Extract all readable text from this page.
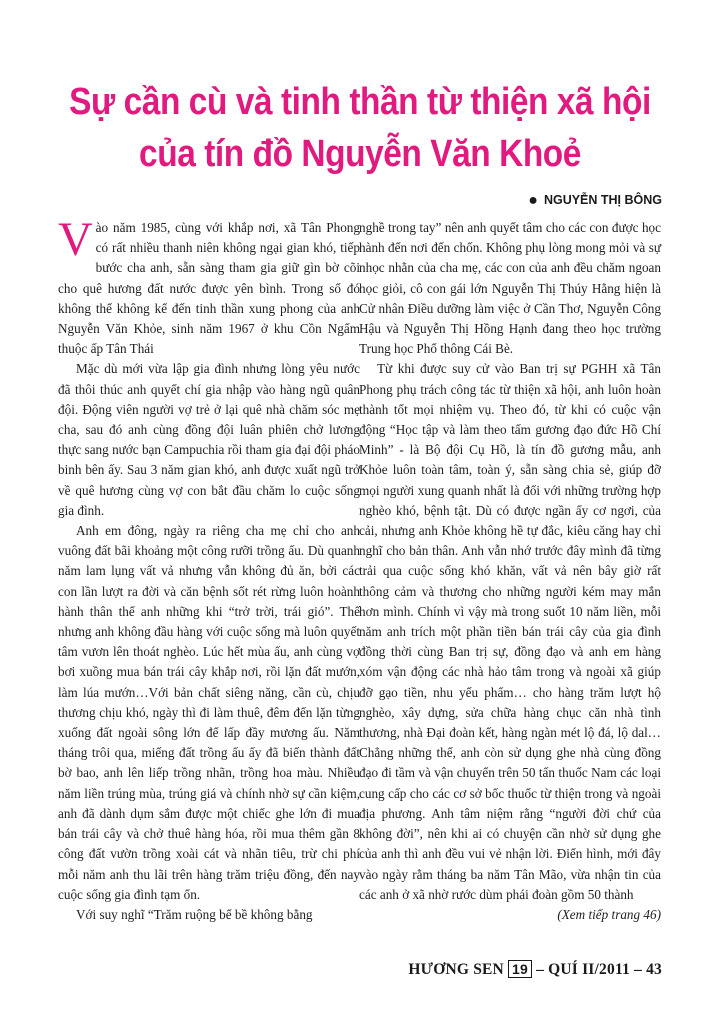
Sự cần cù và tinh thần từ thiện xã hội
của tín đồ Nguyễn Văn Khoẻ
● NGUYỄN THỊ BÔNG

Vào năm 1985, cùng với khắp nơi, xã Tân Phong có rất nhiều thanh niên không ngại gian khó, tiếp bước cha anh, sẵn sàng tham gia giữ gìn bờ cõi cho quê hương đất nước được yên bình. Trong số đó không thể không kể đến tinh thần xung phong của anh Nguyễn Văn Khỏe, sinh năm 1967 ở khu Cồn Ngẩm thuộc ấp Tân Thái

Mặc dù mới vừa lập gia đình nhưng lòng yêu nước đã thôi thúc anh quyết chí gia nhập vào hàng ngũ quân đội. Động viên người vợ trẻ ở lại quê nhà chăm sóc mẹ cha, sau đó anh cùng đồng đội luân phiên chở lương thực sang nước bạn Campuchia rồi tham gia đại đội pháo binh bên ấy. Sau 3 năm gian khó, anh được xuất ngũ trở về quê hương cùng vợ con bắt đầu chăm lo cuộc sống gia đình.

Anh em đông, ngày ra riêng cha mẹ chỉ cho anh vuông đất bãi khoảng một công rưỡi trồng ấu. Dù quanh năm lam lụng vất vả nhưng vẫn không đủ ăn, bởi các con lần lượt ra đời và căn bệnh sốt rét rừng luôn hoành hành thân thể anh những khi “trở trời, trái gió”. Thế nhưng anh không đầu hàng với cuộc sống mà luôn quyết tâm vươn lên thoát nghèo. Lúc hết mùa ấu, anh cùng vợ bơi xuồng mua bán trái cây khắp nơi, rồi lặn đất mướn, làm lúa mướn…Với bản chất siêng năng, cần cù, chịu thương chịu khó, ngày thì đi làm thuê, đêm đến lặn từng xuống đất ngoài sông lớn để lấp đầy mương ấu. Năm tháng trôi qua, miếng đất trồng ấu ấy đã biến thành đất bờ bao, anh lên liếp trồng nhãn, trồng hoa màu. Nhiều năm liền trúng mùa, trúng giá và chính nhờ sự cần kiệm, anh đã dành dụm sắm được một chiếc ghe lớn đi mua bán trái cây và chở thuê hàng hóa, rồi mua thêm gần 8 công đất vườn trồng xoài cát và nhãn tiêu, trừ chi phí mỗi năm anh thu lãi trên hàng trăm triệu đồng, đến nay cuộc sống gia đình tạm ổn.

Với suy nghĩ “Trăm ruộng bể bề không bằng

nghề trong tay” nên anh quyết tâm cho các con được học hành đến nơi đến chốn. Không phụ lòng mong mỏi và sự nhọc nhằn của cha mẹ, các con của anh đều chăm ngoan học giỏi, cô con gái lớn Nguyễn Thị Thúy Hằng hiện là Cử nhân Điều dưỡng làm việc ở Cần Thơ, Nguyễn Công Hậu và Nguyễn Thị Hồng Hạnh đang theo học trường Trung học Phổ thông Cái Bè.

Từ khi được suy cử vào Ban trị sự PGHH xã Tân Phong phụ trách công tác từ thiện xã hội, anh luôn hoàn thành tốt mọi nhiệm vụ. Theo đó, từ khi có cuộc vận động “Học tập và làm theo tấm gương đạo đức Hồ Chí Minh” - là Bộ đội Cụ Hồ, là tín đồ gương mẫu, anh Khỏe luôn toàn tâm, toàn ý, sẵn sàng chia sẻ, giúp đỡ mọi người xung quanh nhất là đối với những trường hợp nghèo khó, bệnh tật. Dù có được ngần ấy cơ ngơi, của cải, nhưng anh Khỏe không hề tự đắc, kiêu căng hay chỉ nghĩ cho bản thân. Anh vẫn nhớ trước đây mình đã từng trải qua cuộc sống khó khăn, vất vả nên bây giờ rất thông cảm và thương cho những người kém may mắn hơn mình. Chính vì vậy mà trong suốt 10 năm liền, mỗi năm anh trích một phần tiền bán trái cây của gia đình đồng thời cùng Ban trị sự, đồng đạo và anh em hàng xóm vận động các nhà hảo tâm trong và ngoài xã giúp đỡ gạo tiền, nhu yếu phẩm… cho hàng trăm lượt hộ nghèo, xây dựng, sửa chữa hàng chục căn nhà tình thương, nhà Đại đoàn kết, hàng ngàn mét lộ đá, lộ dal… Chẳng những thế, anh còn sử dụng ghe nhà cùng đồng đạo đi tầm và vận chuyển trên 50 tấn thuốc Nam các loại cung cấp cho các cơ sở bốc thuốc từ thiện trong và ngoài địa phương. Anh tâm niệm rằng “người đời chứ của không đời”, nên khi ai có chuyện cần nhờ sử dụng ghe của anh thì anh đều vui vẻ nhận lời. Điển hình, mới đây vào ngày rằm tháng ba năm Tân Mão, vừa nhận tin của các anh ở xã nhờ rước dùm phái đoàn gồm 50 thành

(Xem tiếp trang 46)

HƯƠNG SEN 19 – QUÍ II/2011 – 43
